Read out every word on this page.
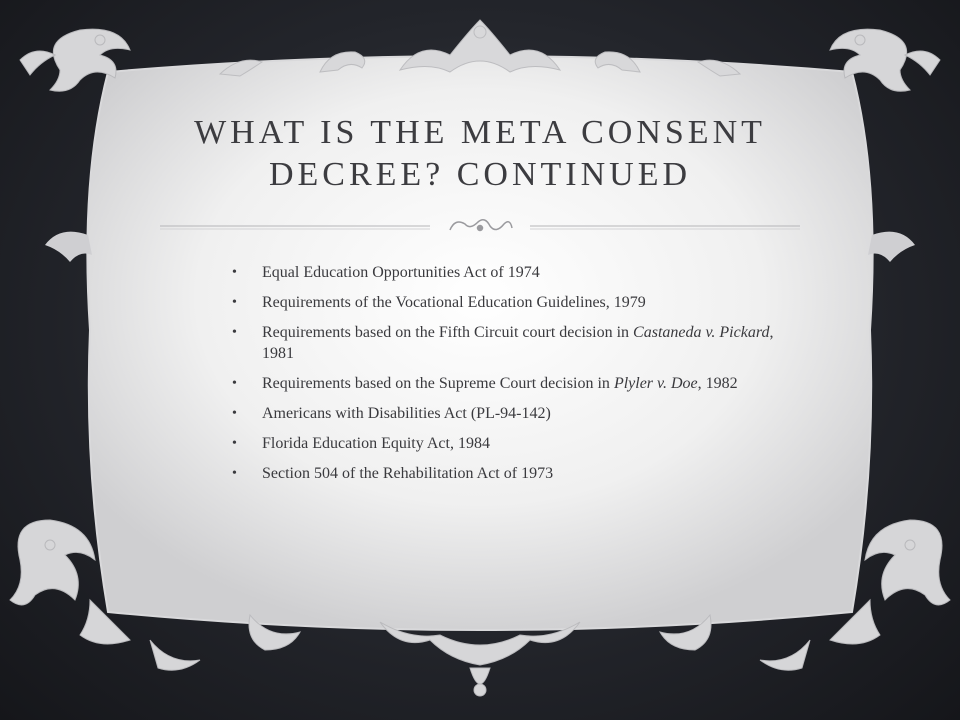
WHAT IS THE META CONSENT
DECREE? CONTINUED
• Equal Education Opportunities Act of 1974
• Requirements of the Vocational Education Guidelines, 1979
• Requirements based on the Fifth Circuit court decision in Castaneda v. Pickard, 1981
• Requirements based on the Supreme Court decision in Plyler v. Doe, 1982
• Americans with Disabilities Act (PL-94-142)
• Florida Education Equity Act, 1984
• Section 504 of the Rehabilitation Act of 1973
